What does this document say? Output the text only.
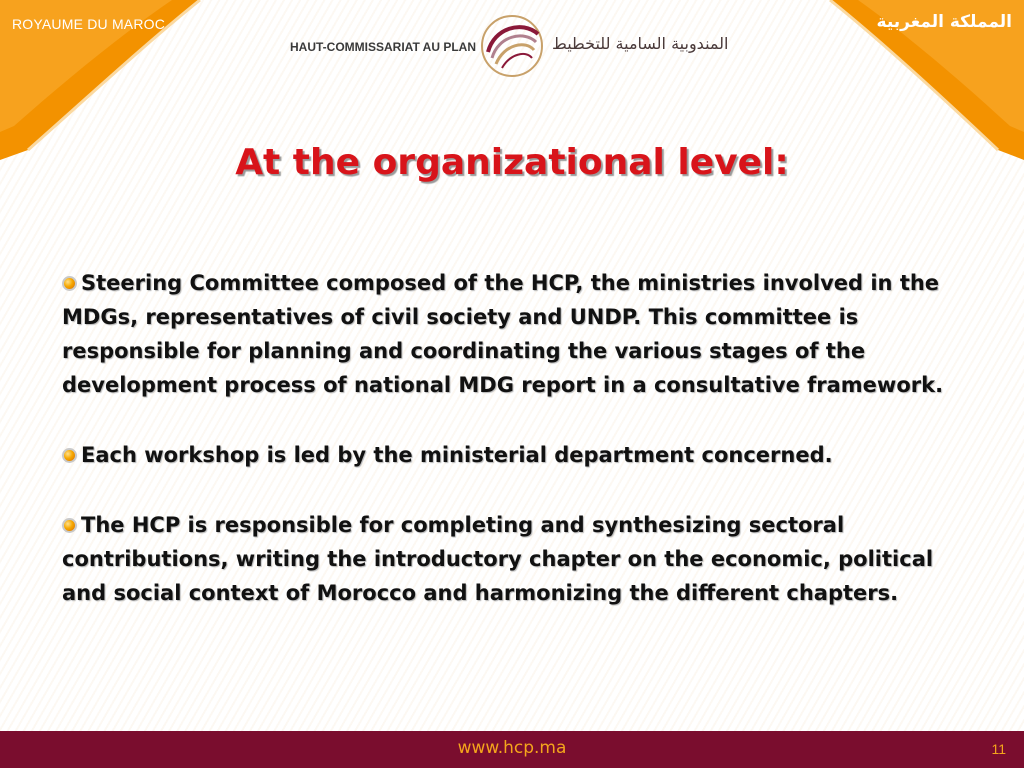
ROYAUME DU MAROC	المملكة المغربية
HAUT-COMMISSARIAT AU PLAN	المندوبية السامية للتخطيط
At the organizational level:

Steering Committee composed of the HCP, the ministries involved in the MDGs, representatives of civil society and UNDP. This committee is responsible for planning and coordinating the various stages of the development process of national MDG report in a consultative framework.

Each workshop is led by the ministerial department concerned.

The HCP is responsible for completing and synthesizing sectoral contributions, writing the introductory chapter on the economic, political and social context of Morocco and harmonizing the different chapters.

www.hcp.ma	11
